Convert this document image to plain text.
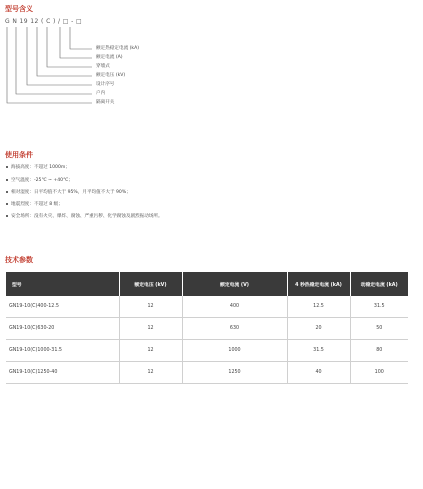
型号含义
G N 19 12 ( C ) / □ - □
额定热稳定电流 (kA)
额定电流 (A)
穿墙式
额定电压 (kV)
设计序号
户内
隔离开关
使用条件
海拔高度：不超过 1000m；
空气温度：-25℃ ~ +40℃；
相对湿度：日平均值不大于 95%，月平均值不大于 90%；
地震烈度：不超过 8 级；
安全场所：没有火灾、爆炸、腐蚀、严重污秽、化学腐蚀及剧烈振动场所。
技术参数
型号	额定电压 (kV)	额定电流 (V)	4 秒热稳定电流 (kA)	动稳定电流 (kA)
GN19-10(C)400-12.5	12	400	12.5	31.5
GN19-10(C)630-20	12	630	20	50
GN19-10(C)1000-31.5	12	1000	31.5	80
GN19-10(C)1250-40	12	1250	40	100
